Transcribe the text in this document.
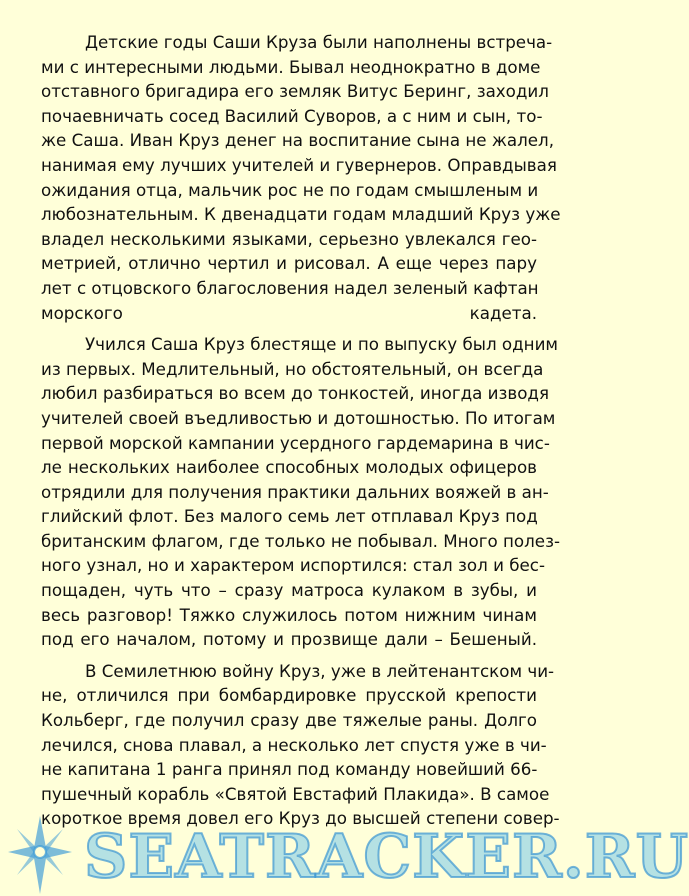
Детские годы Саши Круза были наполнены встреча-
ми с интересными людьми. Бывал неоднократно в доме
отставного бригадира его земляк Витус Беринг, заходил
почаевничать сосед Василий Суворов, а с ним и сын, то-
же Саша. Иван Круз денег на воспитание сына не жалел,
нанимая ему лучших учителей и гувернеров. Оправдывая
ожидания отца, мальчик рос не по годам смышленым и
любознательным. К двенадцати годам младший Круз уже
владел несколькими языками, серьезно увлекался гео-
метрией, отлично чертил и рисовал. А еще через пару
лет с отцовского благословения надел зеленый кафтан
морского кадета.

Учился Саша Круз блестяще и по выпуску был одним
из первых. Медлительный, но обстоятельный, он всегда
любил разбираться во всем до тонкостей, иногда изводя
учителей своей въедливостью и дотошностью. По итогам
первой морской кампании усердного гардемарина в чис-
ле нескольких наиболее способных молодых офицеров
отрядили для получения практики дальних вояжей в ан-
глийский флот. Без малого семь лет отплавал Круз под
британским флагом, где только не побывал. Много полез-
ного узнал, но и характером испортился: стал зол и бес-
пощаден, чуть что – сразу матроса кулаком в зубы, и
весь разговор! Тяжко служилось потом нижним чинам
под его началом, потому и прозвище дали – Бешеный.

В Семилетнюю войну Круз, уже в лейтенантском чи-
не, отличился при бомбардировке прусской крепости
Кольберг, где получил сразу две тяжелые раны. Долго
лечился, снова плавал, а несколько лет спустя уже в чи-
не капитана 1 ранга принял под команду новейший 66-
пушечный корабль «Святой Евстафий Плакида». В самое
короткое время довел его Круз до высшей степени совер-

SEATRACKER.RU
